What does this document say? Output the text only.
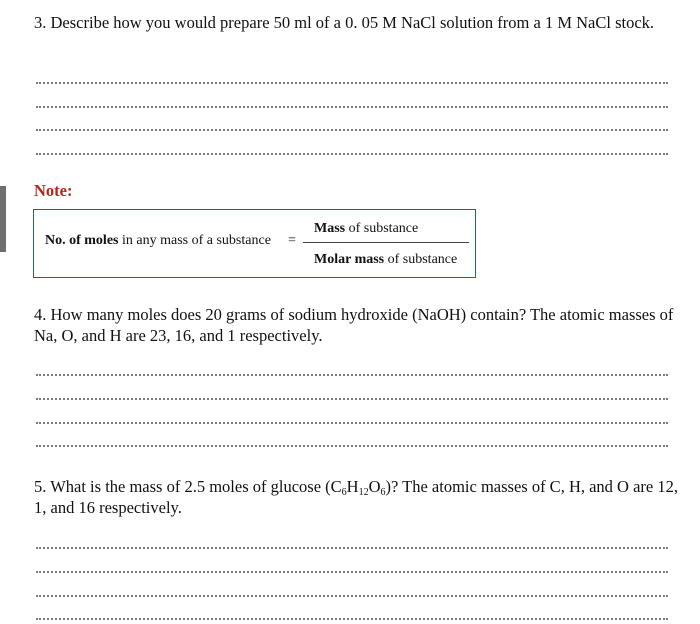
3. Describe how you would prepare 50 ml of a 0. 05 M NaCl solution from a 1 M NaCl stock.
Note:
No. of moles in any mass of a substance =
Mass of substance
Molar mass of substance
4. How many moles does 20 grams of sodium hydroxide (NaOH) contain? The atomic masses of Na, O, and H are 23, 16, and 1 respectively.
5. What is the mass of 2.5 moles of glucose $(C_6H_{12}O_6)$? The atomic masses of C, H, and O are 12, 1, and 16 respectively.
